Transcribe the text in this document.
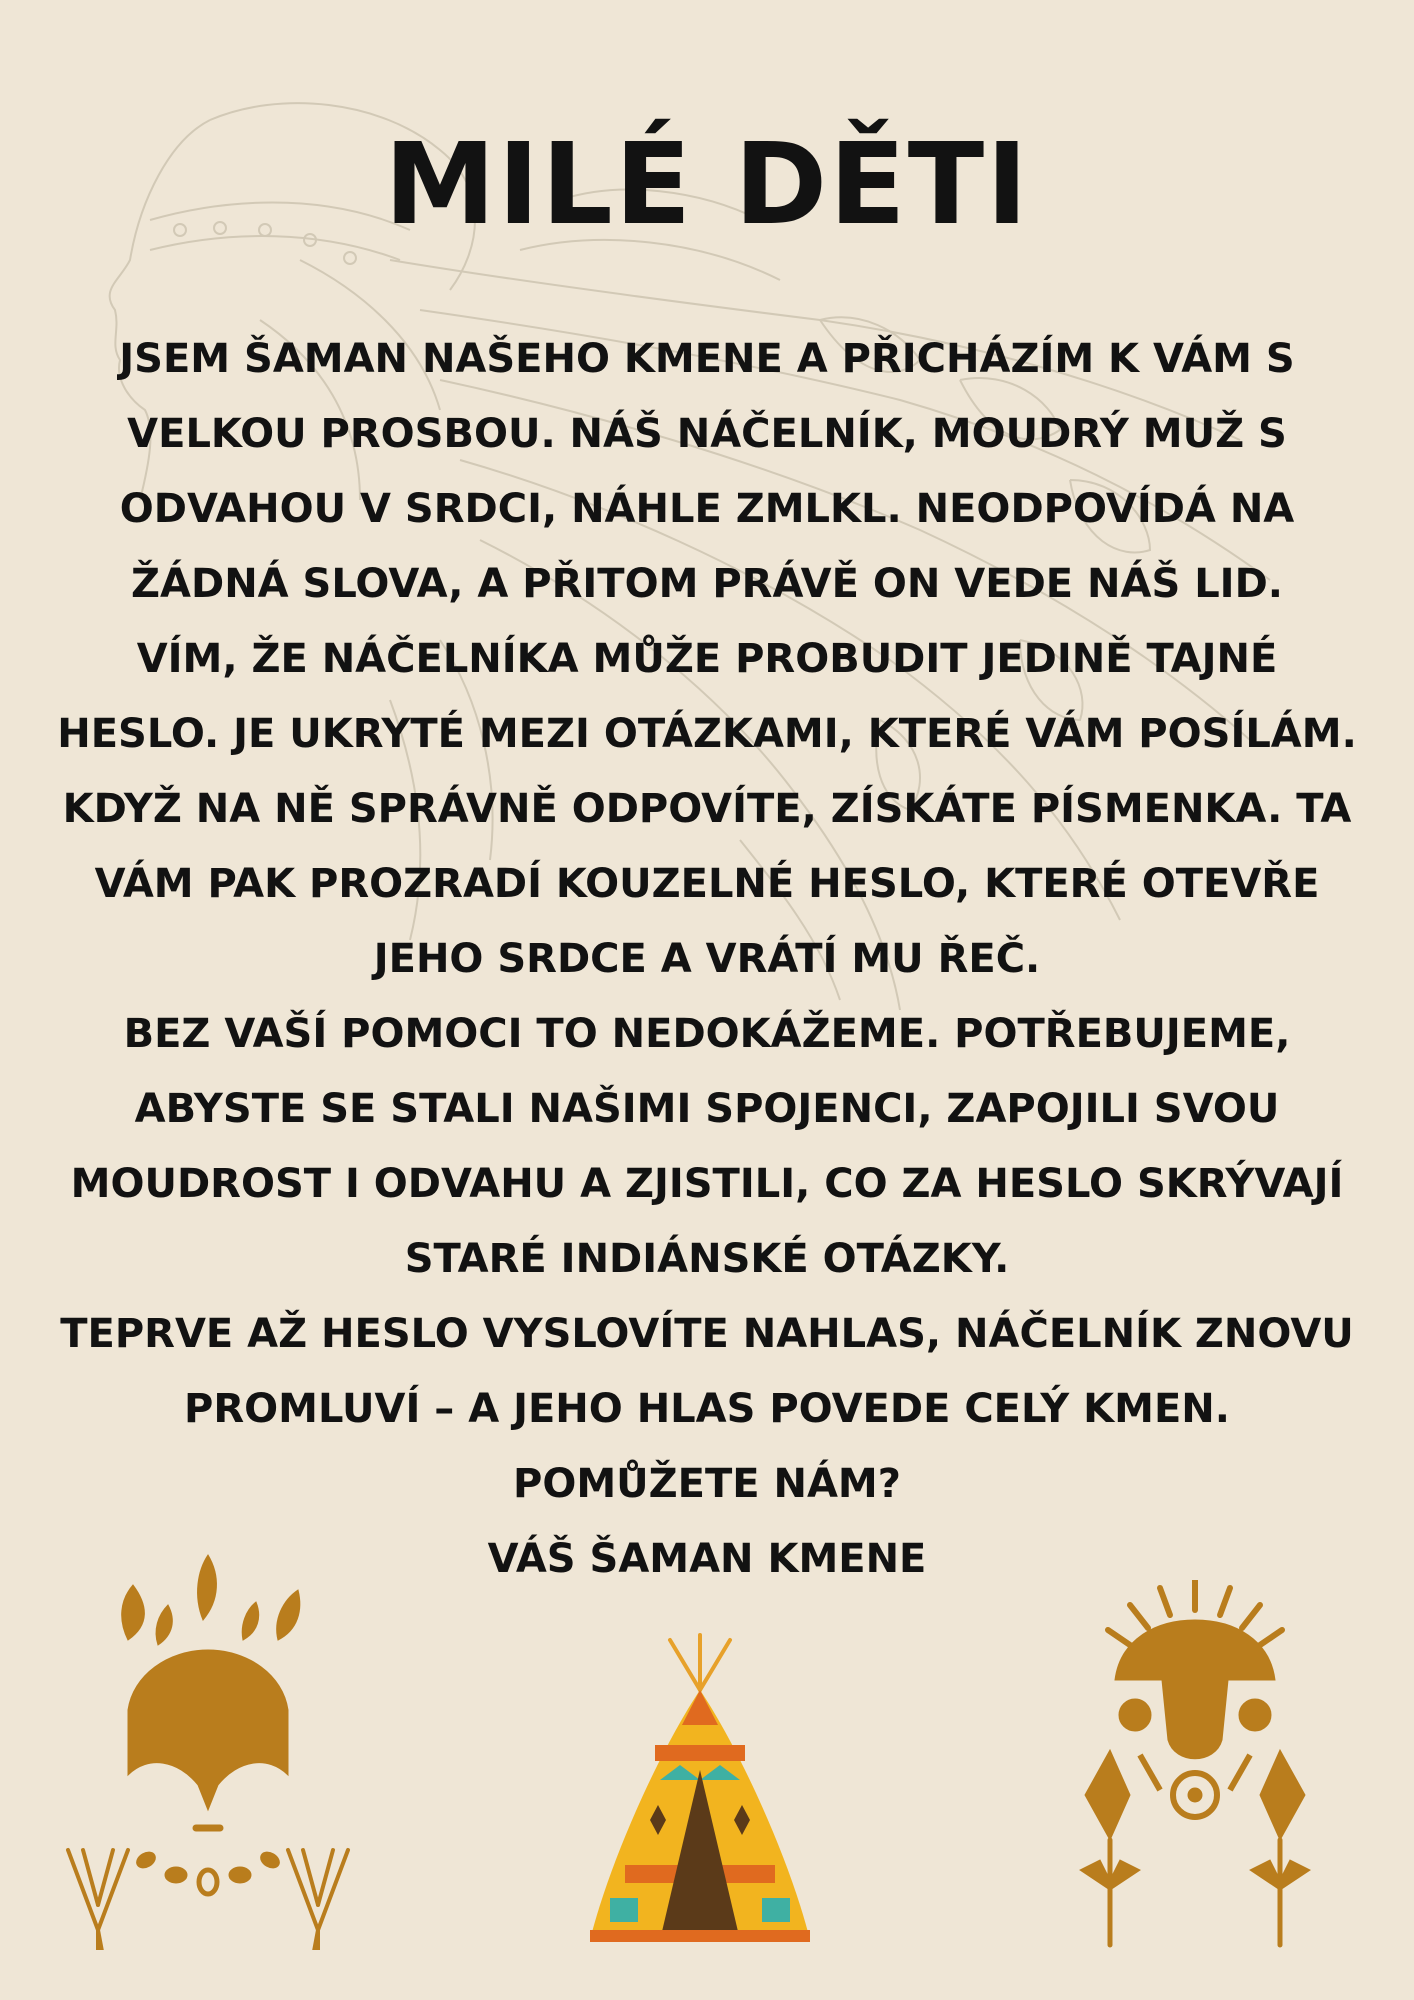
MILÉ DĚTI

JSEM ŠAMAN NAŠEHO KMENE A PŘICHÁZÍM K VÁM S VELKOU PROSBOU. NÁŠ NÁČELNÍK, MOUDRÝ MUŽ S ODVAHOU V SRDCI, NÁHLE ZMLKL. NEODPOVÍDÁ NA ŽÁDNÁ SLOVA, A PŘITOM PRÁVĚ ON VEDE NÁŠ LID.

VÍM, ŽE NÁČELNÍKA MŮŽE PROBUDIT JEDINĚ TAJNÉ HESLO. JE UKRYTÉ MEZI OTÁZKAMI, KTERÉ VÁM POSÍLÁM. KDYŽ NA NĚ SPRÁVNĚ ODPOVÍTE, ZÍSKÁTE PÍSMENKA. TA VÁM PAK PROZRADÍ KOUZELNÉ HESLO, KTERÉ OTEVŘE JEHO SRDCE A VRÁTÍ MU ŘEČ.

BEZ VAŠÍ POMOCI TO NEDOKÁŽEME. POTŘEBUJEME, ABYSTE SE STALI NAŠIMI SPOJENCI, ZAPOJILI SVOU MOUDROST I ODVAHU A ZJISTILI, CO ZA HESLO SKRÝVAJÍ STARÉ INDIÁNSKÉ OTÁZKY.

TEPRVE AŽ HESLO VYSLOVÍTE NAHLAS, NÁČELNÍK ZNOVU PROMLUVÍ – A JEHO HLAS POVEDE CELÝ KMEN.

POMŮŽETE NÁM?

VÁŠ ŠAMAN KMENE
